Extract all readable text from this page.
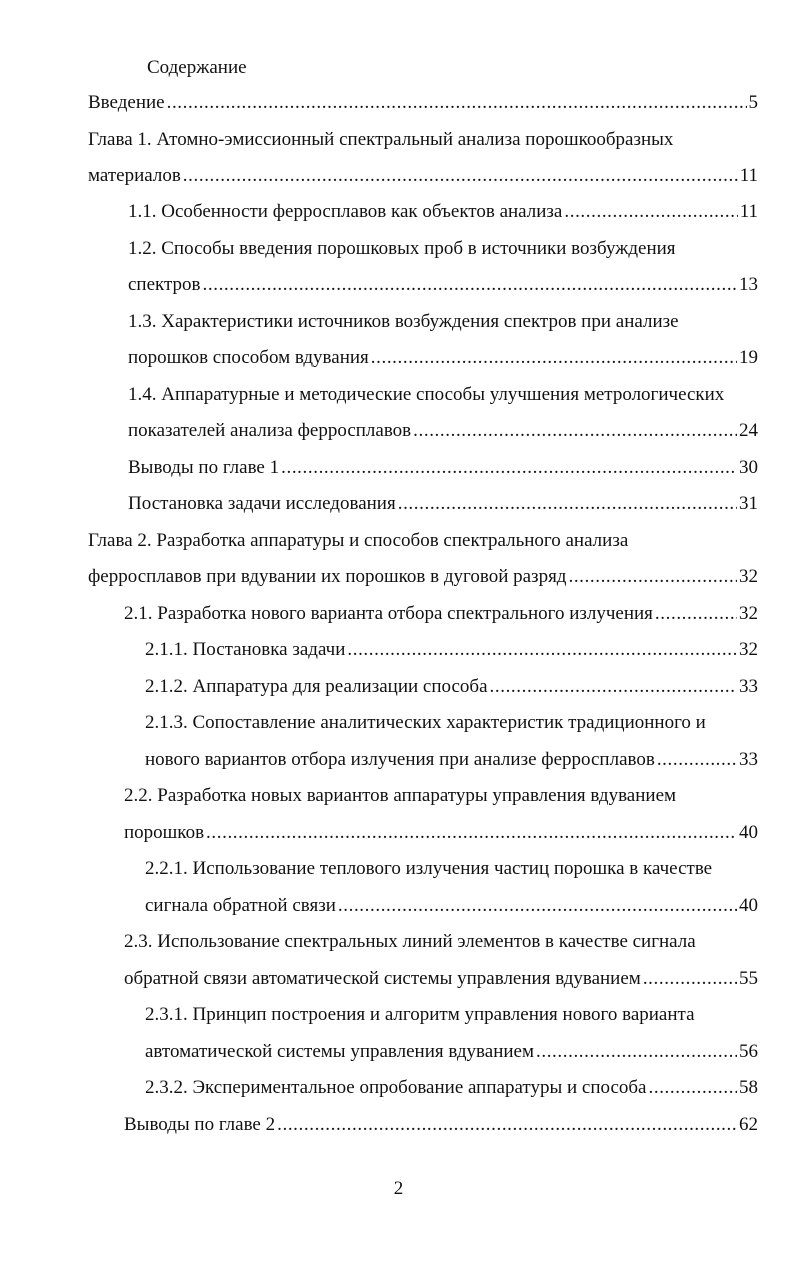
Содержание
Введение .....	5
Глава 1. Атомно-эмиссионный спектральный анализа порошкообразных
материалов .....	11
1.1. Особенности ферросплавов как объектов анализа .....	11
1.2. Способы введения порошковых проб в источники возбуждения
спектров .....	13
1.3. Характеристики источников возбуждения спектров при анализе
порошков способом вдувания .....	19
1.4. Аппаратурные и методические способы улучшения метрологических
показателей анализа ферросплавов .....	24
Выводы по главе 1 .....	30
Постановка задачи исследования .....	31
Глава 2. Разработка аппаратуры и способов спектрального анализа
ферросплавов при вдувании их порошков в дуговой разряд .....	32
2.1. Разработка нового варианта отбора спектрального излучения .....	32
2.1.1. Постановка задачи .....	32
2.1.2. Аппаратура для реализации способа .....	33
2.1.3. Сопоставление аналитических характеристик традиционного и
нового вариантов отбора излучения при анализе ферросплавов .....	33
2.2. Разработка новых вариантов аппаратуры управления вдуванием
порошков .....	40
2.2.1. Использование теплового излучения частиц порошка в качестве
сигнала обратной связи .....	40
2.3. Использование спектральных линий элементов в качестве сигнала
обратной связи автоматической системы управления вдуванием .....	55
2.3.1. Принцип построения и алгоритм управления нового варианта
автоматической системы управления вдуванием .....	56
2.3.2. Экспериментальное опробование аппаратуры и способа .....	58
Выводы по главе 2 .....	62
2
